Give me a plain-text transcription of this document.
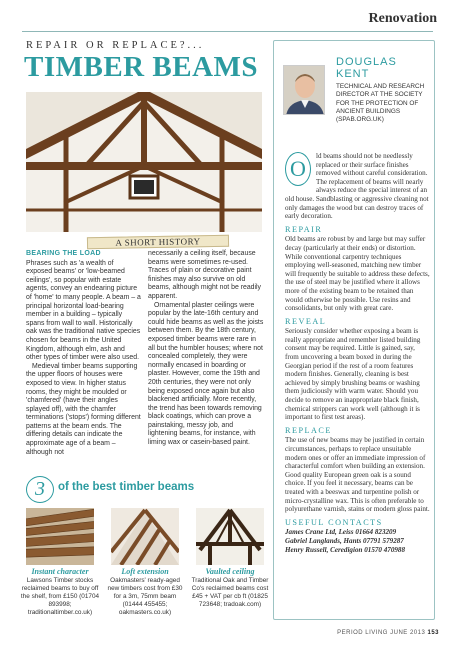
Renovation
REPAIR OR REPLACE?...
TIMBER BEAMS
A SHORT HISTORY
BEARING THE LOAD

Phrases such as 'a wealth of exposed beams' or 'low-beamed ceilings', so popular with estate agents, convey an endearing picture of 'home' to many people. A beam – a principal horizontal load-bearing member in a building – typically spans from wall to wall. Historically oak was the traditional native species chosen for beams in the United Kingdom, although elm, ash and other types of timber were also used.

Medieval timber beams supporting the upper floors of houses were exposed to view. In higher status rooms, they might be moulded or 'chamfered' (have their angles splayed off), with the chamfer terminations ('stops') forming different patterns at the beam ends. The differing details can indicate the approximate age of a beam – although not

necessarily a ceiling itself, because beams were sometimes re-used. Traces of plain or decorative paint finishes may also survive on old beams, although might not be readily apparent.

Ornamental plaster ceilings were popular by the late-16th century and could hide beams as well as the joists between them. By the 18th century, exposed timber beams were rare in all but the humbler houses; where not concealed completely, they were normally encased in boarding or plaster. However, come the 19th and 20th centuries, they were not only being exposed once again but also blackened artificially. More recently, the trend has been towards removing black coatings, which can prove a painstaking, messy job, and lightening beams, for instance, with liming wax or casein-based paint.

3	of the best timber beams
Instant character
Lawsons Timber stocks reclaimed beams to buy off the shelf, from £150 (01704 893998; traditionaltimber.co.uk)
Loft extension
Oakmasters' ready-aged new timbers cost from £30 for a 3m, 75mm beam (01444 455455; oakmasters.co.uk)
Vaulted ceiling
Traditional Oak and Timber Co's reclaimed beams cost £45 + VAT per cb ft (01825 723648; tradoak.com)
DOUGLAS
KENT
TECHNICAL AND RESEARCH DIRECTOR AT THE SOCIETY FOR THE PROTECTION OF ANCIENT BUILDINGS (SPAB.ORG.UK)
O	ld beams should not be needlessly replaced or their surface finishes removed without careful consideration. The replacement of beams will nearly always reduce the special interest of an old house. Sandblasting or aggressive cleaning not only damages the wood but can destroy traces of early decoration.

REPAIR

Old beams are robust by and large but may suffer decay (particularly at their ends) or distortion. While conventional carpentry techniques employing well-seasoned, matching new timber will frequently be suitable to address these defects, the use of steel may be justified where it allows more of the existing beam to be retained than would otherwise be possible. Use resins and consolidants, but only with great care.

REVEAL

Seriously consider whether exposing a beam is really appropriate and remember listed building consent may be required. Little is gained, say, from uncovering a beam boxed in during the Georgian period if the rest of a room features modern finishes. Generally, cleaning is best achieved by simply brushing beams or washing them judiciously with warm water. Should you decide to remove an inappropriate black finish, chemical strippers can work well (although it is important to first test areas).

REPLACE

The use of new beams may be justified in certain circumstances, perhaps to replace unsuitable modern ones or offer an immediate impression of characterful comfort when building an extension. Good quality European green oak is a sound choice. If you feel it necessary, beams can be treated with a beeswax and turpentine polish or micro-crystalline wax. This is often preferable to polyurethane varnish, stains or modern gloss paint.

USEFUL CONTACTS

James Crane Ltd, Leiss 01664 823209

Gabriel Langlands, Hants 07791 579287

Henry Russell, Ceredigion 01570 470988

PERIOD LIVING JUNE 2013 153
